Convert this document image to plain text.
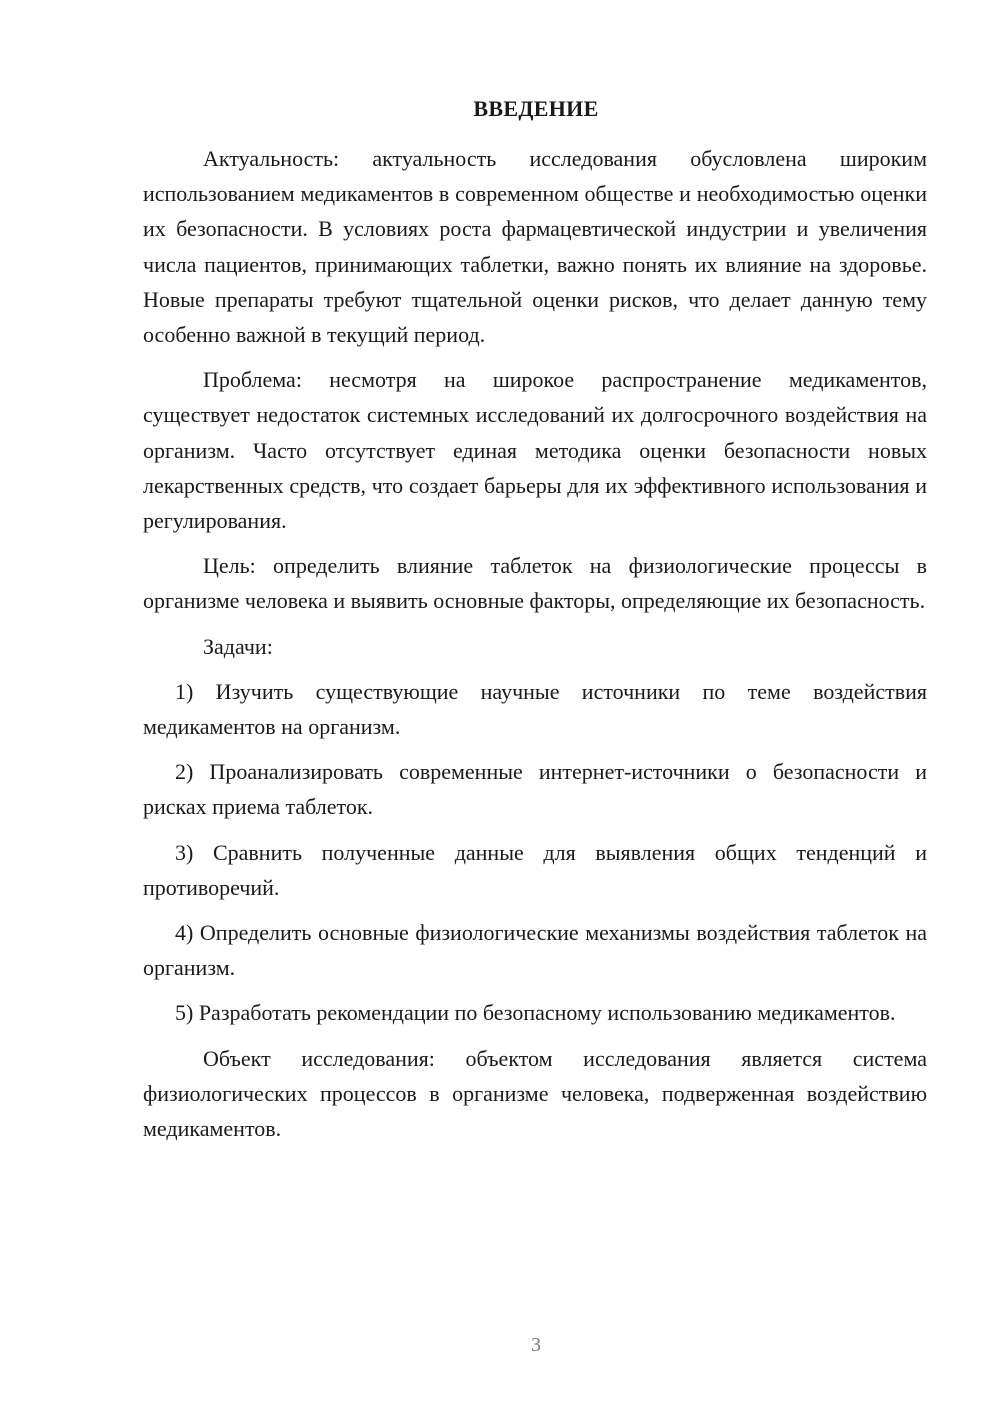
ВВЕДЕНИЕ

Актуальность: актуальность исследования обусловлена широким использованием медикаментов в современном обществе и необходимостью оценки их безопасности. В условиях роста фармацевтической индустрии и увеличения числа пациентов, принимающих таблетки, важно понять их влияние на здоровье. Новые препараты требуют тщательной оценки рисков, что делает данную тему особенно важной в текущий период.

Проблема: несмотря на широкое распространение медикаментов, существует недостаток системных исследований их долгосрочного воздействия на организм. Часто отсутствует единая методика оценки безопасности новых лекарственных средств, что создает барьеры для их эффективного использования и регулирования.

Цель: определить влияние таблеток на физиологические процессы в организме человека и выявить основные факторы, определяющие их безопасность.

Задачи:

1) Изучить существующие научные источники по теме воздействия медикаментов на организм.

2) Проанализировать современные интернет-источники о безопасности и рисках приема таблеток.

3) Сравнить полученные данные для выявления общих тенденций и противоречий.

4) Определить основные физиологические механизмы воздействия таблеток на организм.

5) Разработать рекомендации по безопасному использованию медикаментов.

Объект исследования: объектом исследования является система физиологических процессов в организме человека, подверженная воздействию медикаментов.

3
